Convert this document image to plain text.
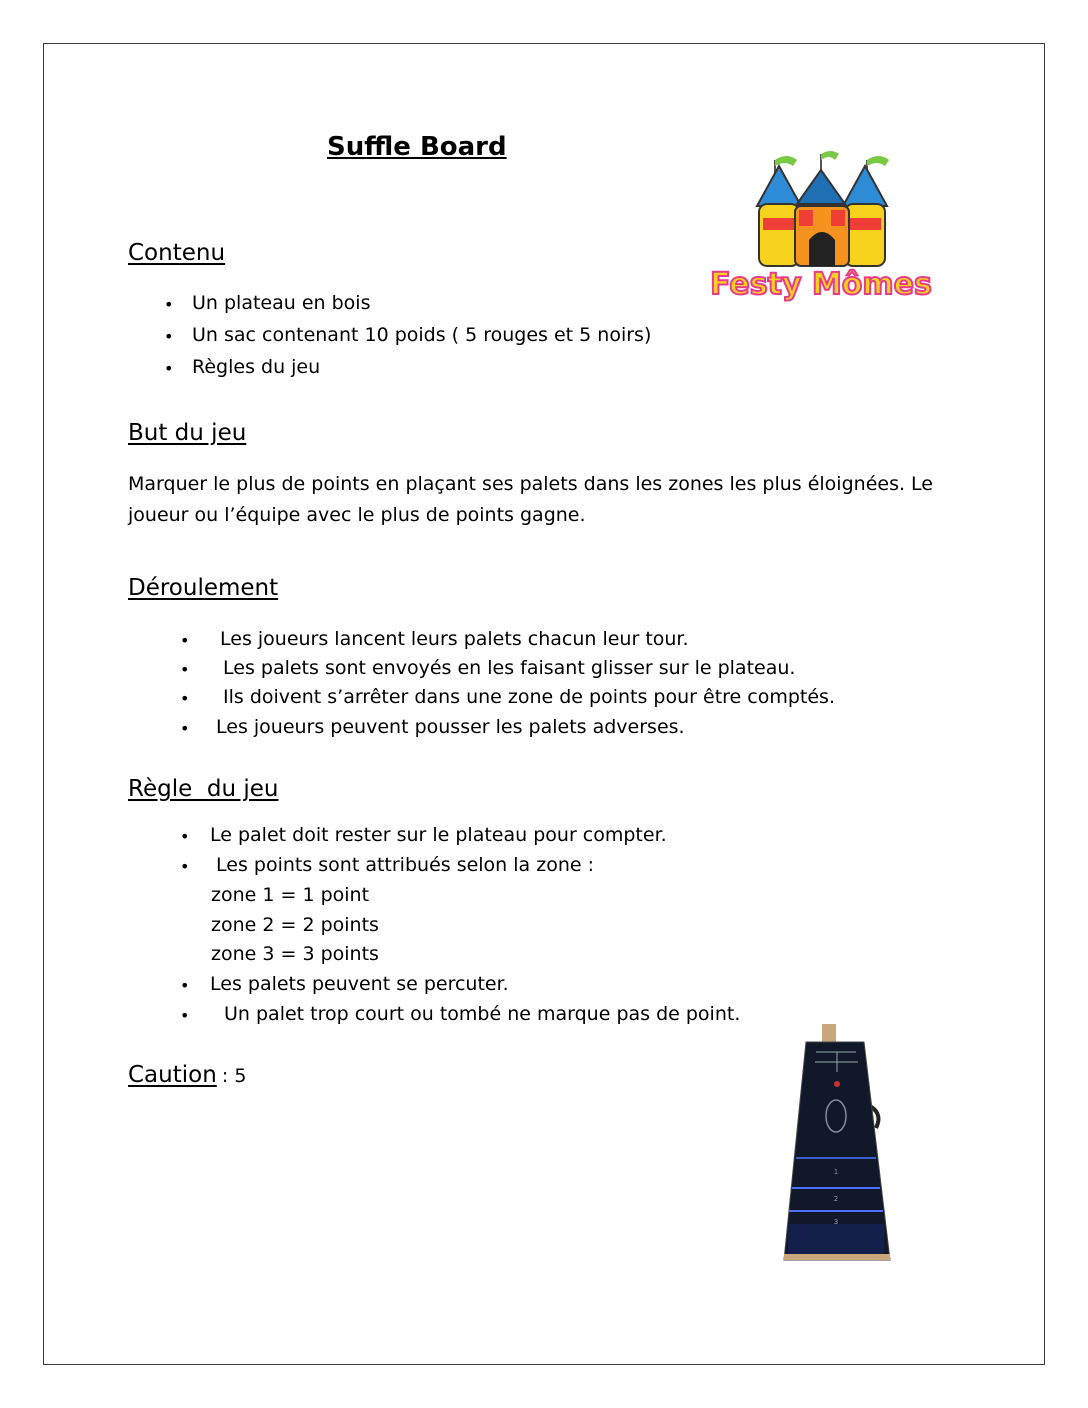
Suffle Board
Festy Mômes
Contenu
• Un plateau en bois
• Un sac contenant 10 poids ( 5 rouges et 5 noirs)
• Règles du jeu
But du jeu
Marquer le plus de points en plaçant ses palets dans les zones les plus éloignées. Le joueur ou l’équipe avec le plus de points gagne.
Déroulement
• Les joueurs lancent leurs palets chacun leur tour.
• Les palets sont envoyés en les faisant glisser sur le plateau.
• Ils doivent s’arrêter dans une zone de points pour être comptés.
• Les joueurs peuvent pousser les palets adverses.
Règle  du jeu
• Le palet doit rester sur le plateau pour compter.
• Les points sont attribués selon la zone :
zone 1 = 1 point
zone 2 = 2 points
zone 3 = 3 points
• Les palets peuvent se percuter.
• Un palet trop court ou tombé ne marque pas de point.
Caution : 5
1
2
3
